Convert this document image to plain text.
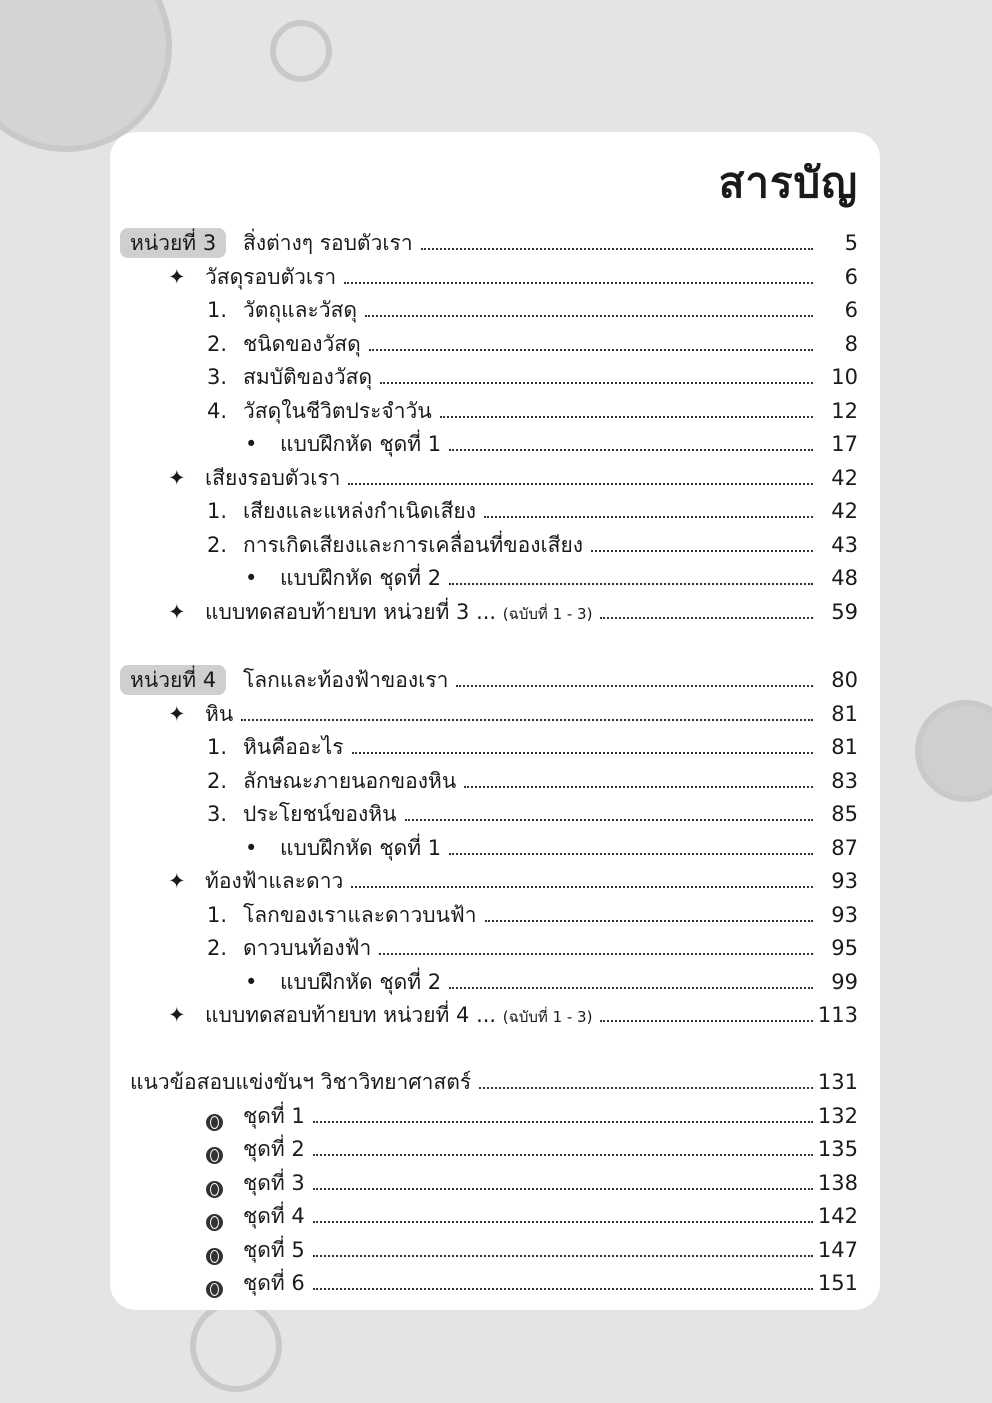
สารบัญ
หน่วยที่ 3	สิ่งต่างๆ รอบตัวเรา	5
✦ วัสดุรอบตัวเรา	6
1. วัตถุและวัสดุ	6
2. ชนิดของวัสดุ	8
3. สมบัติของวัสดุ	10
4. วัสดุในชีวิตประจำวัน	12
• แบบฝึกหัด ชุดที่ 1	17
✦ เสียงรอบตัวเรา	42
1. เสียงและแหล่งกำเนิดเสียง	42
2. การเกิดเสียงและการเคลื่อนที่ของเสียง	43
• แบบฝึกหัด ชุดที่ 2	48
✦ แบบทดสอบท้ายบท หน่วยที่ 3 ... (ฉบับที่ 1 - 3)	59
หน่วยที่ 4	โลกและท้องฟ้าของเรา	80
✦ หิน	81
1. หินคืออะไร	81
2. ลักษณะภายนอกของหิน	83
3. ประโยชน์ของหิน	85
• แบบฝึกหัด ชุดที่ 1	87
✦ ท้องฟ้าและดาว	93
1. โลกของเราและดาวบนฟ้า	93
2. ดาวบนท้องฟ้า	95
• แบบฝึกหัด ชุดที่ 2	99
✦ แบบทดสอบท้ายบท หน่วยที่ 4 ... (ฉบับที่ 1 - 3)	113
แนวข้อสอบแข่งขันฯ วิชาวิทยาศาสตร์	131
ชุดที่ 1	132
ชุดที่ 2	135
ชุดที่ 3	138
ชุดที่ 4	142
ชุดที่ 5	147
ชุดที่ 6	151
